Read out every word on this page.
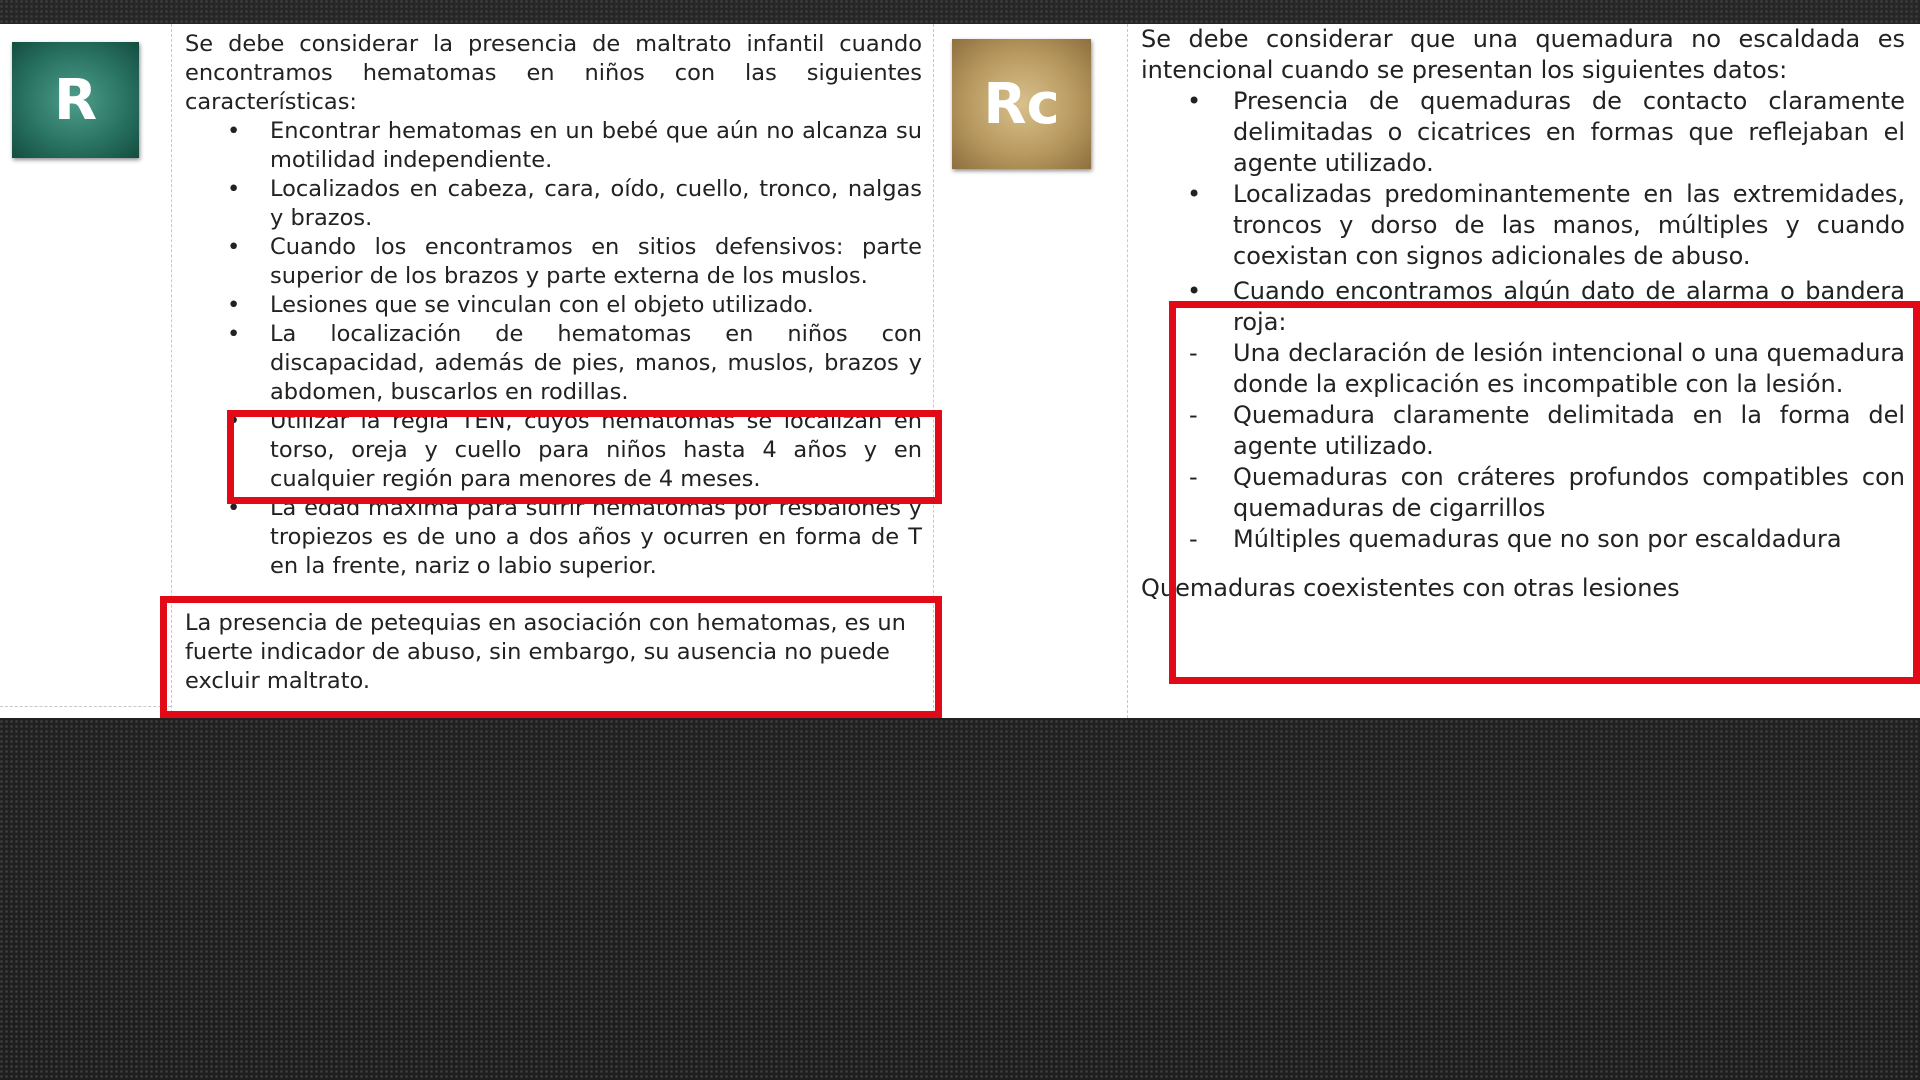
R	Rc

Se debe considerar la presencia de maltrato infantil cuando encontramos hematomas en niños con las siguientes características:

• Encontrar hematomas en un bebé que aún no alcanza su motilidad independiente.
• Localizados en cabeza, cara, oído, cuello, tronco, nalgas y brazos.
• Cuando los encontramos en sitios defensivos: parte superior de los brazos y parte externa de los muslos.
• Lesiones que se vinculan con el objeto utilizado.
• La localización de hematomas en niños con discapacidad, además de pies, manos, muslos, brazos y abdomen, buscarlos en rodillas.
• Utilizar la regla TEN, cuyos hematomas se localizan en torso, oreja y cuello para niños hasta 4 años y en cualquier región para menores de 4 meses.
• La edad máxima para sufrir hematomas por resbalones y tropiezos es de uno a dos años y ocurren en forma de T en la frente, nariz o labio superior.

La presencia de petequias en asociación con hematomas, es un fuerte indicador de abuso, sin embargo, su ausencia no puede excluir maltrato.

Se debe considerar que una quemadura no escaldada es intencional cuando se presentan los siguientes datos:

• Presencia de quemaduras de contacto claramente delimitadas o cicatrices en formas que reflejaban el agente utilizado.
• Localizadas predominantemente en las extremidades, troncos y dorso de las manos, múltiples y cuando coexistan con signos adicionales de abuso.
• Cuando encontramos algún dato de alarma o bandera roja:
- Una declaración de lesión intencional o una quemadura donde la explicación es incompatible con la lesión.
- Quemadura claramente delimitada en la forma del agente utilizado.
- Quemaduras con cráteres profundos compatibles con quemaduras de cigarrillos
- Múltiples quemaduras que no son por escaldadura

Quemaduras coexistentes con otras lesiones
